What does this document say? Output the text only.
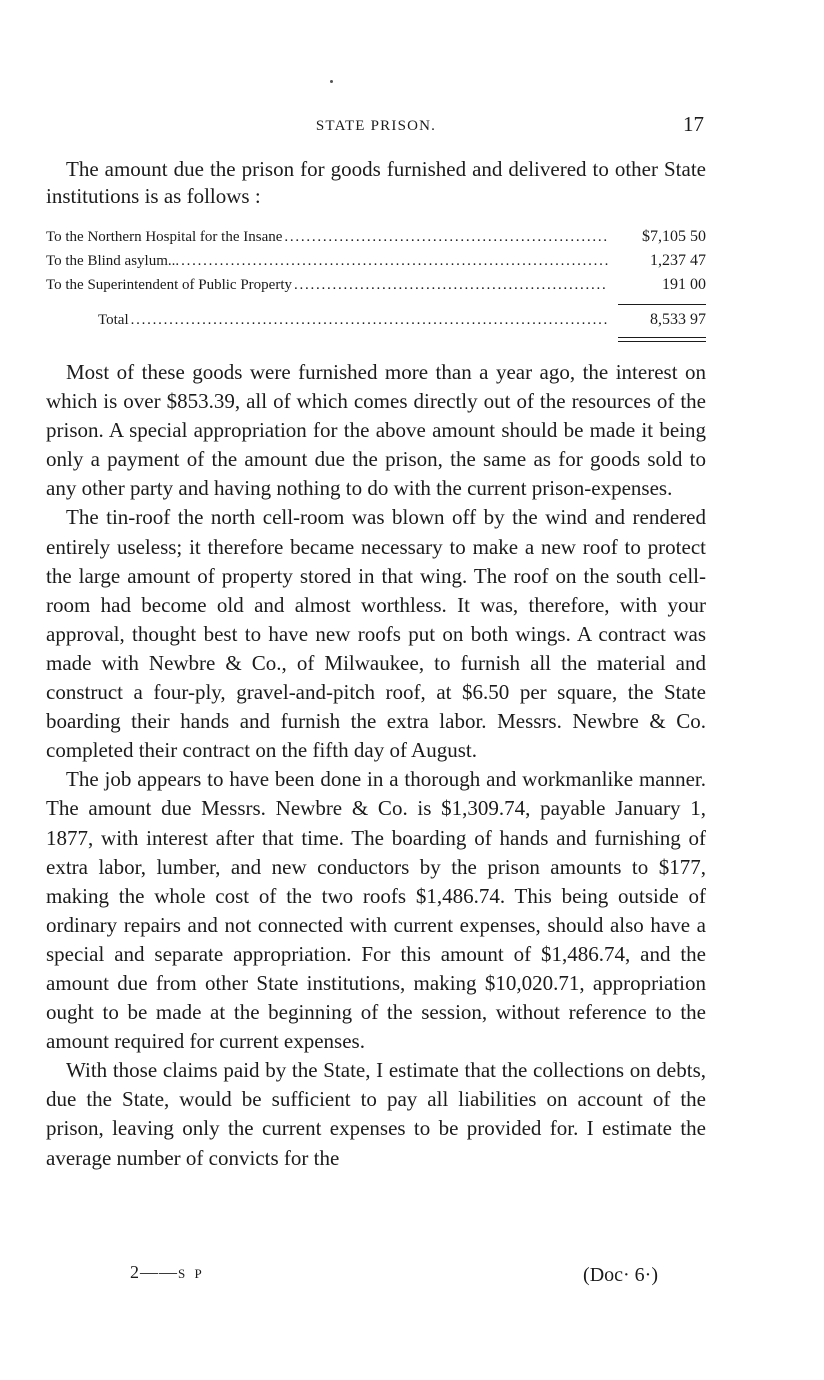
STATE PRISON.	17

The amount due the prison for goods furnished and delivered to other State institutions is as follows :

To the Northern Hospital for the Insane . . .	$7,105 50
To the Blind asylum... . . .	1,237 47
To the Superintendent of Public Property . . .	191 00
Total . . .	8,533 97

Most of these goods were furnished more than a year ago, the interest on which is over $853.39, all of which comes directly out of the resources of the prison. A special appropriation for the above amount should be made it being only a payment of the amount due the prison, the same as for goods sold to any other party and having nothing to do with the current prison-expenses.

The tin-roof the north cell-room was blown off by the wind and rendered entirely useless; it therefore became necessary to make a new roof to protect the large amount of property stored in that wing. The roof on the south cell-room had become old and almost worthless. It was, therefore, with your approval, thought best to have new roofs put on both wings. A contract was made with Newbre & Co., of Milwaukee, to furnish all the material and construct a four-ply, gravel-and-pitch roof, at $6.50 per square, the State boarding their hands and furnish the extra labor. Messrs. Newbre & Co. completed their contract on the fifth day of August.

The job appears to have been done in a thorough and workmanlike manner. The amount due Messrs. Newbre & Co. is $1,309.74, payable January 1, 1877, with interest after that time. The boarding of hands and furnishing of extra labor, lumber, and new conductors by the prison amounts to $177, making the whole cost of the two roofs $1,486.74. This being outside of ordinary repairs and not connected with current expenses, should also have a special and separate appropriation. For this amount of $1,486.74, and the amount due from other State institutions, making $10,020.71, appropriation ought to be made at the beginning of the session, without reference to the amount required for current expenses.

With those claims paid by the State, I estimate that the collections on debts, due the State, would be sufficient to pay all liabilities on account of the prison, leaving only the current expenses to be provided for. I estimate the average number of convicts for the

2——S P	(Doc· 6·)
